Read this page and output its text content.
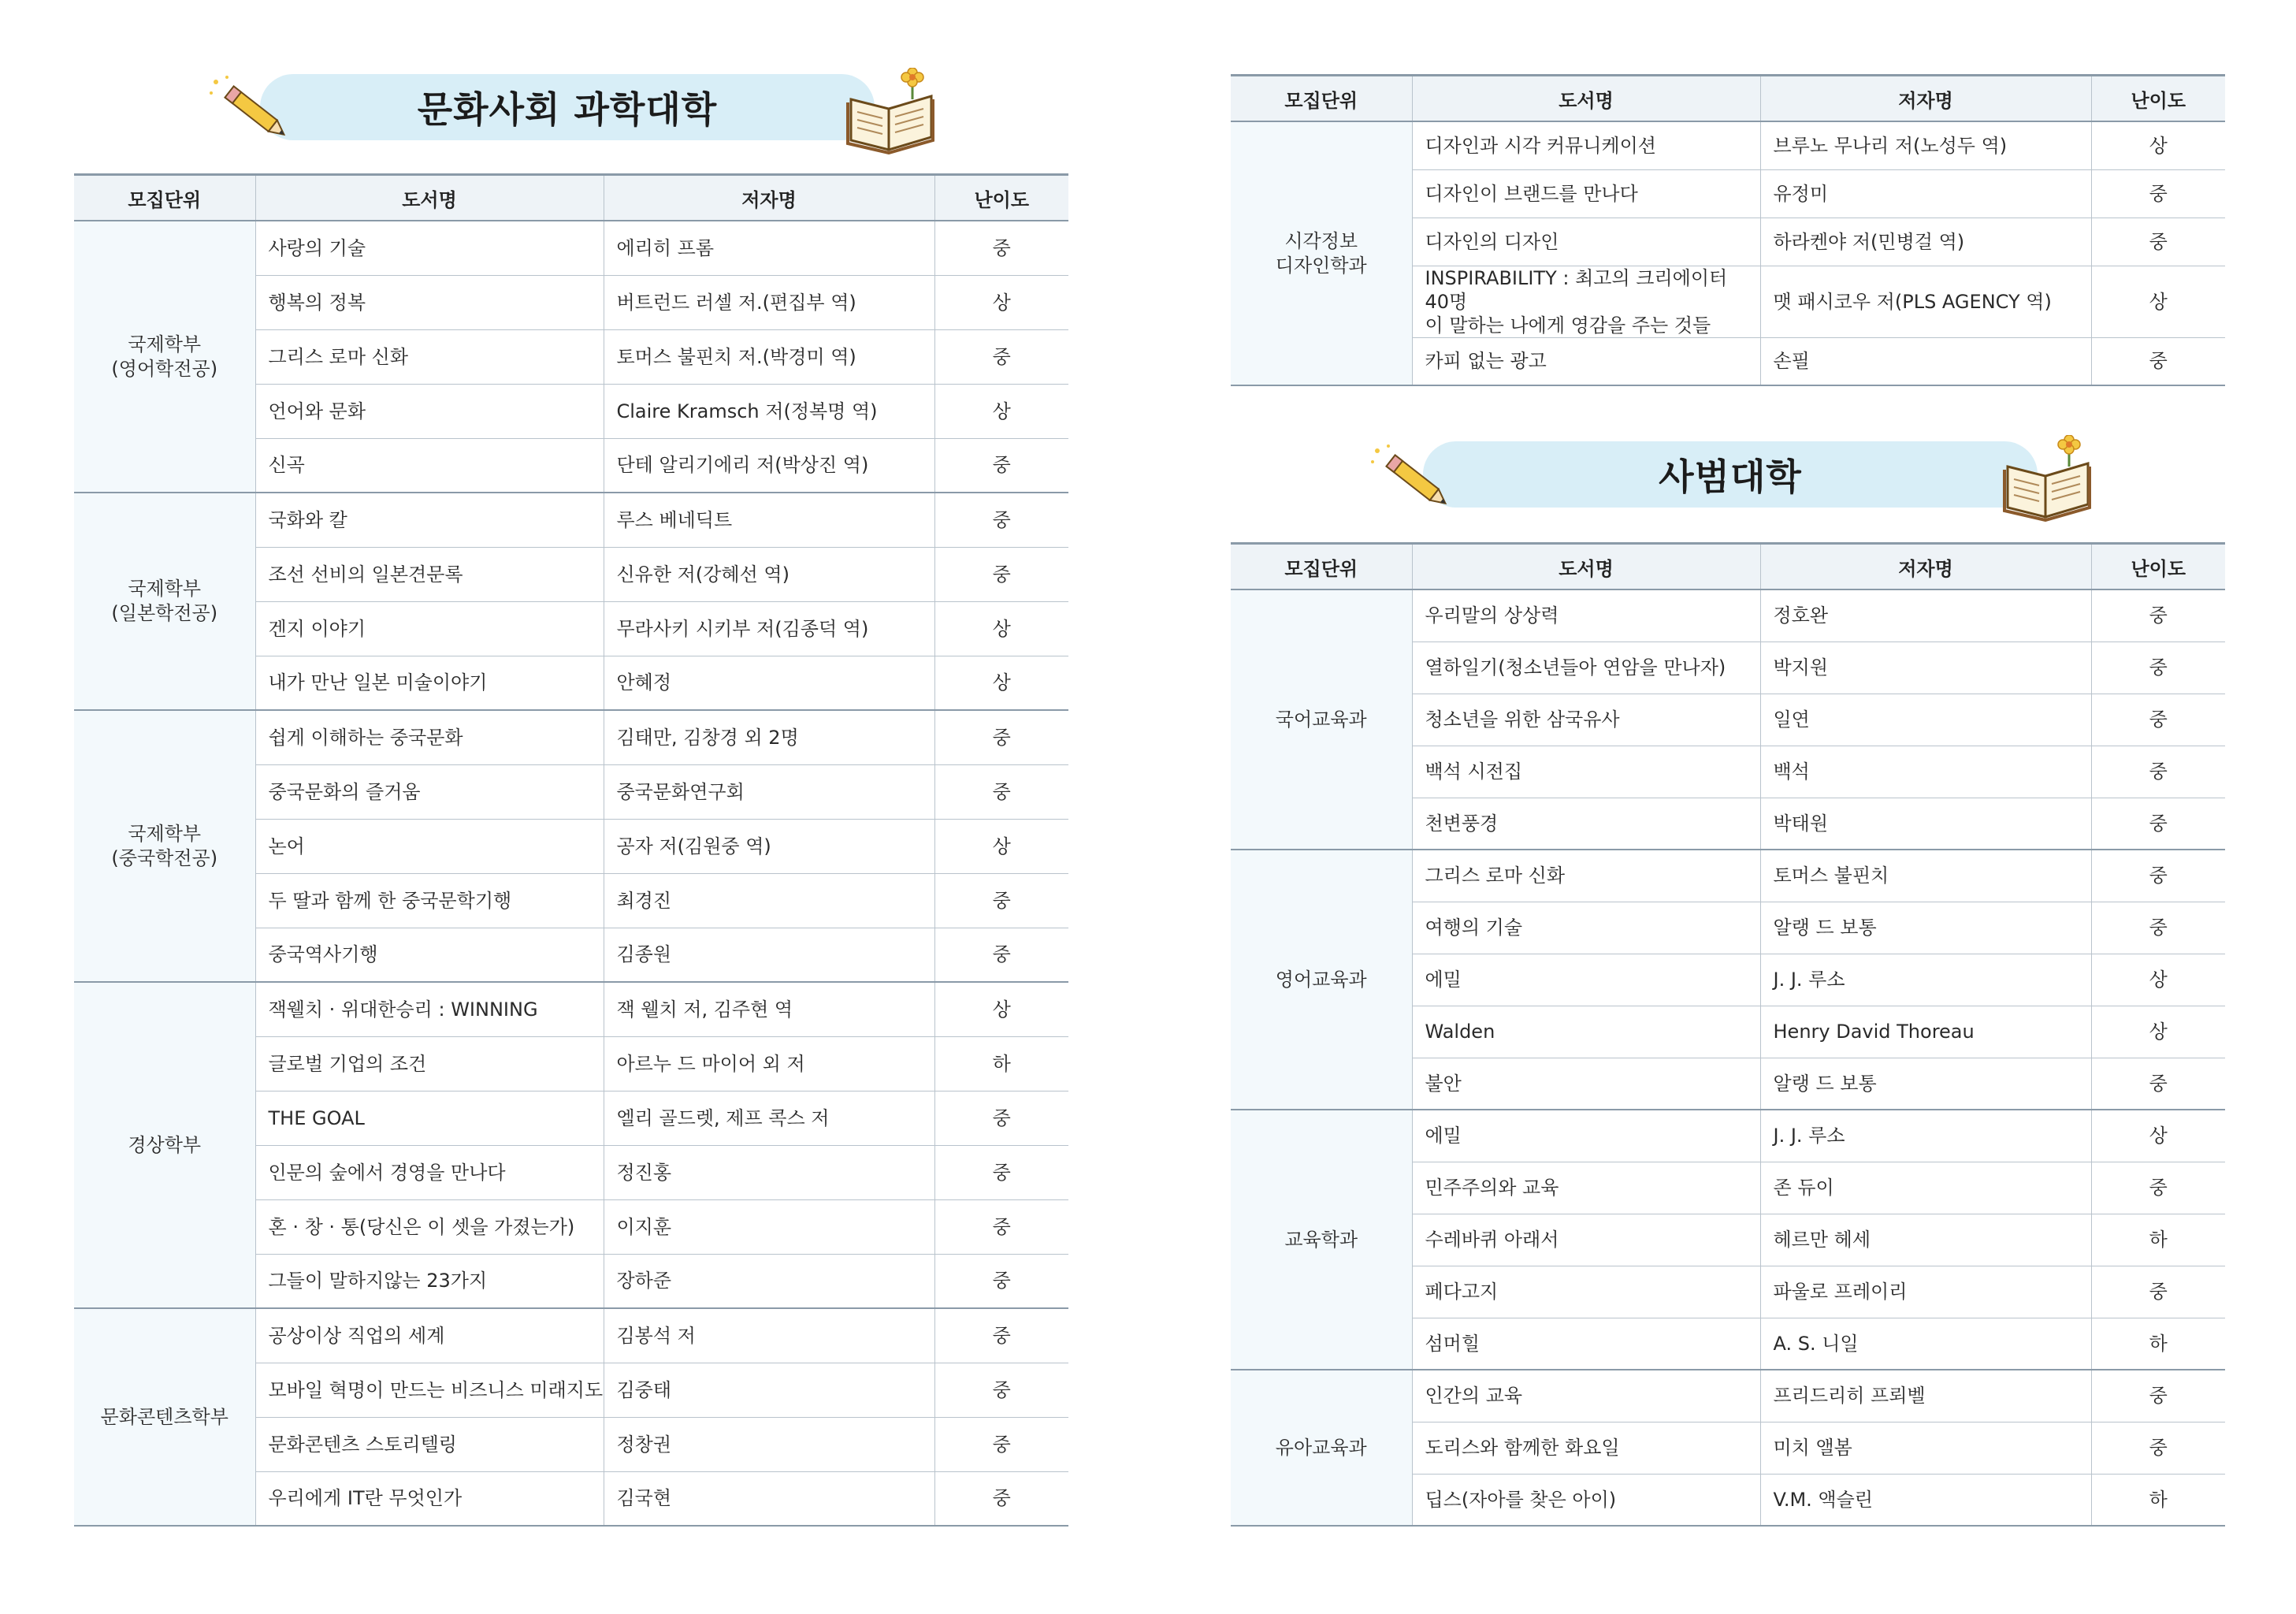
문화사회 과학대학
모집단위	도서명	저자명	난이도

국제학부
(영어학전공)	사랑의 기술	에리히 프롬	중
	행복의 정복	버트런드 러셀 저.(편집부 역)	상
	그리스 로마 신화	토머스 불핀치 저.(박경미 역)	중
	언어와 문화	Claire Kramsch 저(정복명 역)	상
	신곡	단테 알리기에리 저(박상진 역)	중

국제학부
(일본학전공)	국화와 칼	루스 베네딕트	중
	조선 선비의 일본견문록	신유한 저(강혜선 역)	중
	겐지 이야기	무라사키 시키부 저(김종덕 역)	상
	내가 만난 일본 미술이야기	안혜정	상

국제학부
(중국학전공)	쉽게 이해하는 중국문화	김태만, 김창경 외 2명	중
	중국문화의 즐거움	중국문화연구회	중
	논어	공자 저(김원중 역)	상
	두 딸과 함께 한 중국문학기행	최경진	중
	중국역사기행	김종원	중

경상학부	잭웰치 · 위대한승리 : WINNING	잭 웰치 저, 김주현 역	상
	글로벌 기업의 조건	아르누 드 마이어 외 저	하
	THE GOAL	엘리 골드렛, 제프 콕스 저	중
	인문의 숲에서 경영을 만나다	정진홍	중
	혼 · 창 · 통(당신은 이 셋을 가졌는가)	이지훈	중
	그들이 말하지않는 23가지	장하준	중

문화콘텐츠학부	공상이상 직업의 세계	김봉석 저	중
	모바일 혁명이 만드는 비즈니스 미래지도	김중태	중
	문화콘텐츠 스토리텔링	정창권	중
	우리에게 IT란 무엇인가	김국현	중
모집단위	도서명	저자명	난이도

시각정보
디자인학과	디자인과 시각 커뮤니케이션	브루노 무나리 저(노성두 역)	상
	디자인이 브랜드를 만나다	유정미	중
	디자인의 디자인	하라켄야 저(민병걸 역)	중

	INSPIRABILITY : 최고의 크리에이터 40명
이 말하는 나에게 영감을 주는 것들	맷 패시코우 저(PLS AGENCY 역)	상
	카피 없는 광고	손필	중
사범대학
모집단위	도서명	저자명	난이도

국어교육과	우리말의 상상력	정호완	중
	열하일기(청소년들아 연암을 만나자)	박지원	중
	청소년을 위한 삼국유사	일연	중
	백석 시전집	백석	중
	천변풍경	박태원	중

영어교육과	그리스 로마 신화	토머스 불핀치	중
	여행의 기술	알랭 드 보통	중
	에밀	J. J. 루소	상
	Walden	Henry David Thoreau	상
	불안	알랭 드 보통	중

교육학과	에밀	J. J. 루소	상
	민주주의와 교육	존 듀이	중
	수레바퀴 아래서	헤르만 헤세	하
	페다고지	파울로 프레이리	중
	섬머힐	A. S. 니일	하

유아교육과	인간의 교육	프리드리히 프뢰벨	중
	도리스와 함께한 화요일	미치 앨봄	중
	딥스(자아를 찾은 아이)	V.M. 액슬린	하
